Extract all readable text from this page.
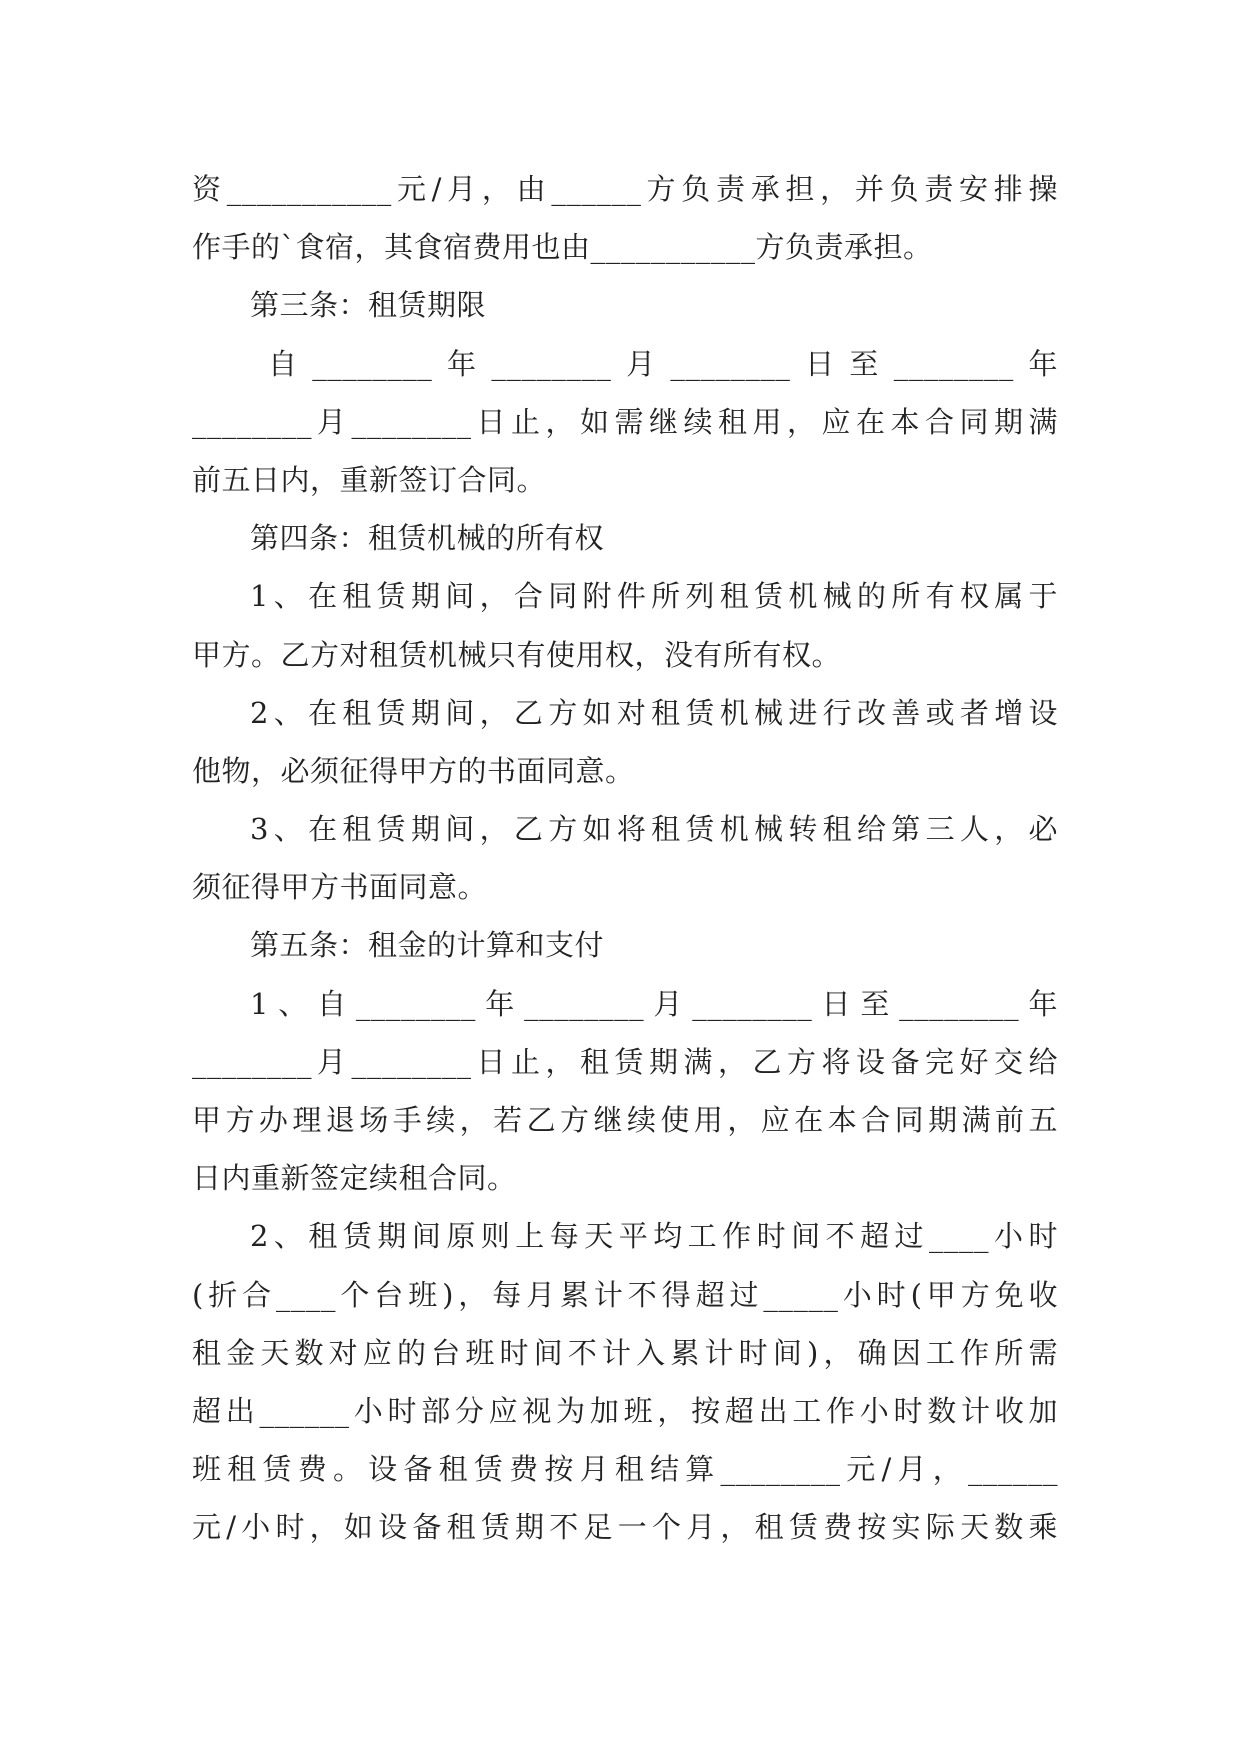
资___________元/月，由______方负责承担，并负责安排操
作手的`食宿，其食宿费用也由___________方负责承担。
第三条：租赁期限
自________年________月________日至________年
________月________日止，如需继续租用，应在本合同期满
前五日内，重新签订合同。
第四条：租赁机械的所有权
1、在租赁期间，合同附件所列租赁机械的所有权属于
甲方。乙方对租赁机械只有使用权，没有所有权。
2、在租赁期间，乙方如对租赁机械进行改善或者增设
他物，必须征得甲方的书面同意。
3、在租赁期间，乙方如将租赁机械转租给第三人，必
须征得甲方书面同意。
第五条：租金的计算和支付
1、自________年________月________日至________年
________月________日止，租赁期满，乙方将设备完好交给
甲方办理退场手续，若乙方继续使用，应在本合同期满前五
日内重新签定续租合同。
2、租赁期间原则上每天平均工作时间不超过____小时
(折合____个台班)，每月累计不得超过_____小时(甲方免收
租金天数对应的台班时间不计入累计时间)，确因工作所需
超出______小时部分应视为加班，按超出工作小时数计收加
班租赁费。设备租赁费按月租结算________元/月，______
元/小时，如设备租赁期不足一个月，租赁费按实际天数乘
